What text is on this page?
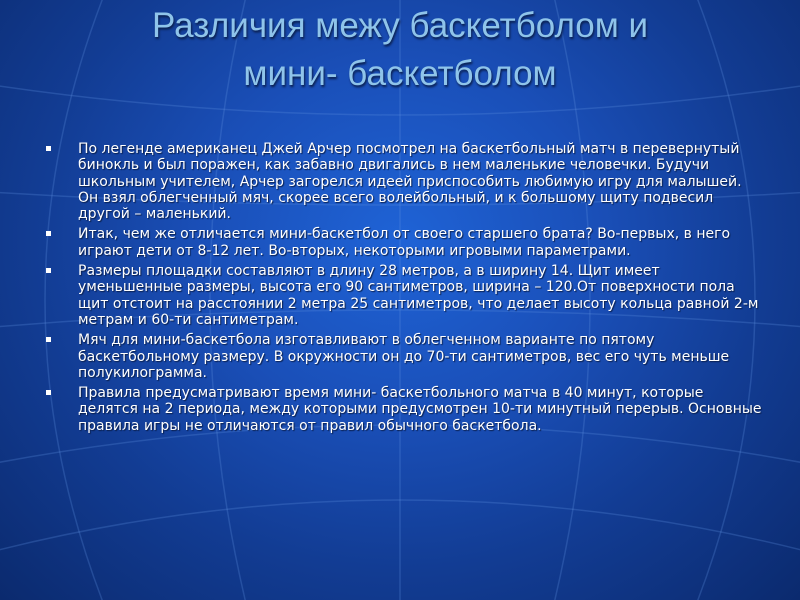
Различия межу баскетболом и
мини- баскетболом
По легенде американец Джей Арчер посмотрел на баскетбольный матч в перевернутый бинокль и был поражен, как забавно двигались в нем маленькие человечки. Будучи школьным учителем, Арчер загорелся идеей приспособить любимую игру для малышей. Он взял облегченный мяч, скорее всего волейбольный, и к большому щиту подвесил другой – маленький.
Итак, чем же отличается мини-баскетбол от своего старшего брата? Во-первых, в него играют дети от 8-12 лет. Во-вторых, некоторыми игровыми параметрами.
Размеры площадки составляют в длину 28 метров, а в ширину 14. Щит имеет уменьшенные размеры, высота его 90 сантиметров, ширина – 120.От поверхности пола щит отстоит на расстоянии 2 метра 25 сантиметров, что делает высоту кольца равной 2-м метрам и 60-ти сантиметрам.
Мяч для мини-баскетбола изготавливают в облегченном варианте по пятому баскетбольному размеру. В окружности он до 70-ти сантиметров, вес его чуть меньше полукилограмма.
Правила предусматривают время мини- баскетбольного матча в 40 минут, которые делятся на 2 периода, между которыми предусмотрен 10-ти минутный перерыв. Основные правила игры не отличаются от правил обычного баскетбола.
